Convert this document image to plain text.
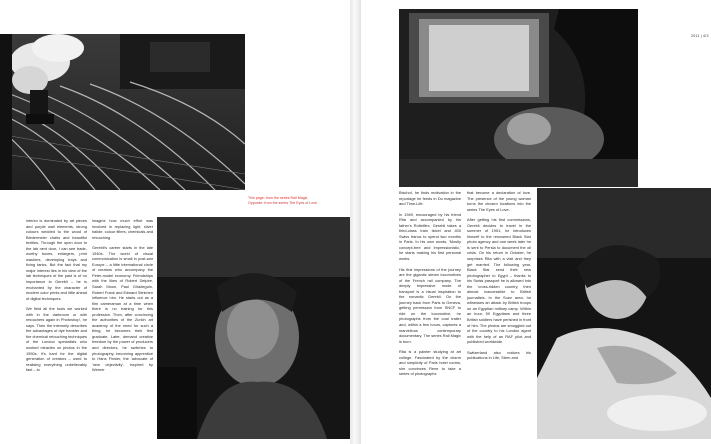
This page: from the series Rail Magic. Opposite: from the series The Eyes of Love

interior is dominated by art pieces and purple wall elements, strong colours wedded to the wood of Biedermeier chairs and beautiful textiles. Through the open door to the lab next door, I can see trade-worthy boxes, enlargers, print washers, developing trays and fixing tanks. But the fact that my major interest lies in his view of the lab techniques of the past is of no importance to Gerebli – he is enchanted by the character of modern color prints and little ahead of digital techniques.

We field all the tools we worked with in the darkroom or with retouchers again in Photoshop', he says. Then the intensely describes the advantages of dye transfer and the chemical retouching techniques of the London specialists who worked miracles on photos in the 1950s. It's hard for the digital generation of creators – used to realising everything unbelievably fast – to

imagine how much effort was involved in replacing light, silver halide, colour filters, chemicals and retouching.

Gerebli's career starts in the late 1940s. The world of visual communication is small in post-war Europe – a little international circle of creators who accompany the Peter-model economy. Friendships with the likes of Robert Delpire, Sarah Moon, Paul Giradeguin, Robert Frank and Edward Steichen influence him. He starts out as a film cameraman at a time when there is no training for this profession. Then, after convincing the authorities of the Zurich art academy of the need for such a thing, he becomes their first graduate. Later, demand creative freedom by the power of producers and directors, he switches to photography, becoming apprentice to Hans Finsler, the 'advocate of 'new objectivity', inspired by Werner

2011 | 4/3

Bischof, he finds motivation in the reportage he feeds in Du magazine and Time-Life.

In 1949, encouraged by his friend Rita and accompanied by his father's Rolleiflex, Gerebli takes a third-class train ticket and 400 Swiss francs to spend two months in Paris. In his own words, 'Mostly concept-free and impressionistic,' he starts making his first personal works.

His first impressions of the journey are the gigantic steam locomotives of the French rail company. The deeply impressive mode of transport is a visual inspiration to the romantic Gerebli. On the journey back from Paris to Geneva, getting permission from SNCF to ride on the locomotive, he photographs from the coal trailer and, within a few hours, captures a marvellous contemporary documentary. The series Rail Magic is born.

Rita is a painter studying at art college. Fascinated by the charm and simplicity of Paris hotel rooms, she convinces Rene to take a series of photographs

that become a declaration of love. The presence of the young woman turns the chosen locations into the series The Eyes of Love.

After getting his first commissions, Gerebli decides to travel in the summer of 1951; he introduces himself to the renowned Black Star photo agency and one week later he is sent to Persia to document the oil crisis. On his return in October, he surprises Rita with a visit and they get married. The following year, Black Star send their new photographer to Egypt – thanks to his Swiss passport he is allowed into the 'cross-ridden country, then almost inaccessible to British journalists. In the Suez area, he witnesses an attack by British troops on an Egyptian military camp. Within an hour, 50 Egyptians and three British soldiers have perished in front of him. The photos are smuggled out of the country to his London agent with the help of an RAF pilot and published worldwide.

Switzerland also notices his publications in Life, Stern and
